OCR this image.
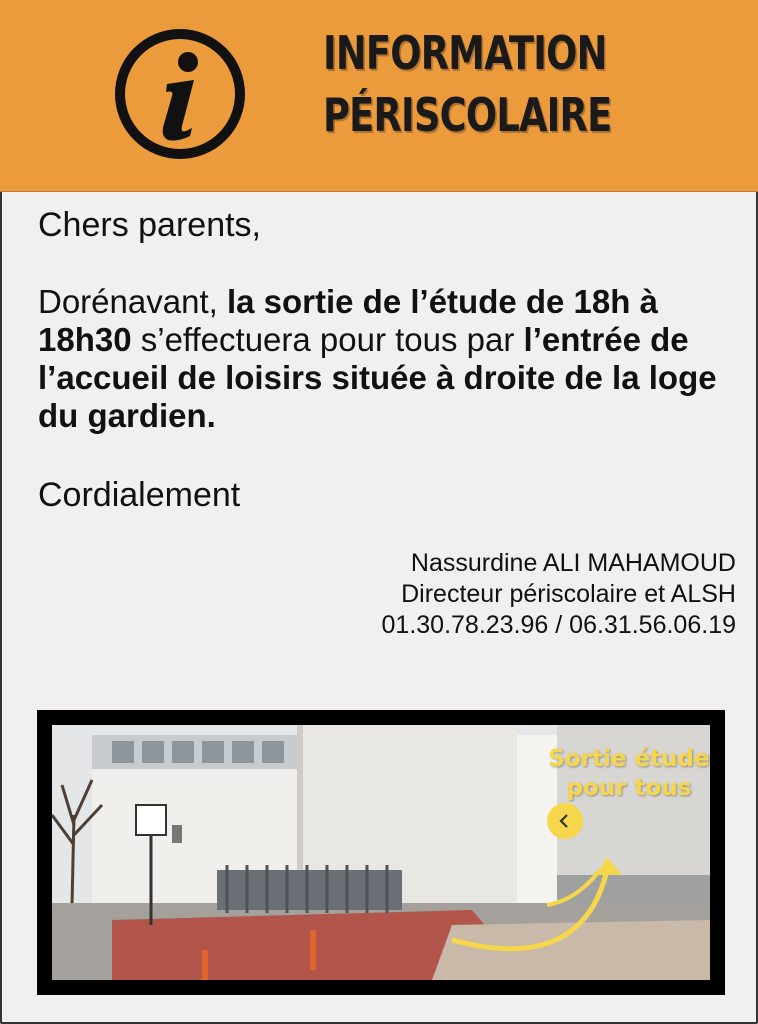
INFORMATION
PÉRISCOLAIRE
Chers parents,

Dorénavant, la sortie de l’étude de 18h à 18h30 s’effectuera pour tous par l’entrée de l’accueil de loisirs située à droite de la loge du gardien.

Cordialement
Nassurdine ALI MAHAMOUD
Directeur périscolaire et ALSH
01.30.78.23.96 / 06.31.56.06.19
Sortie étude
pour tous
